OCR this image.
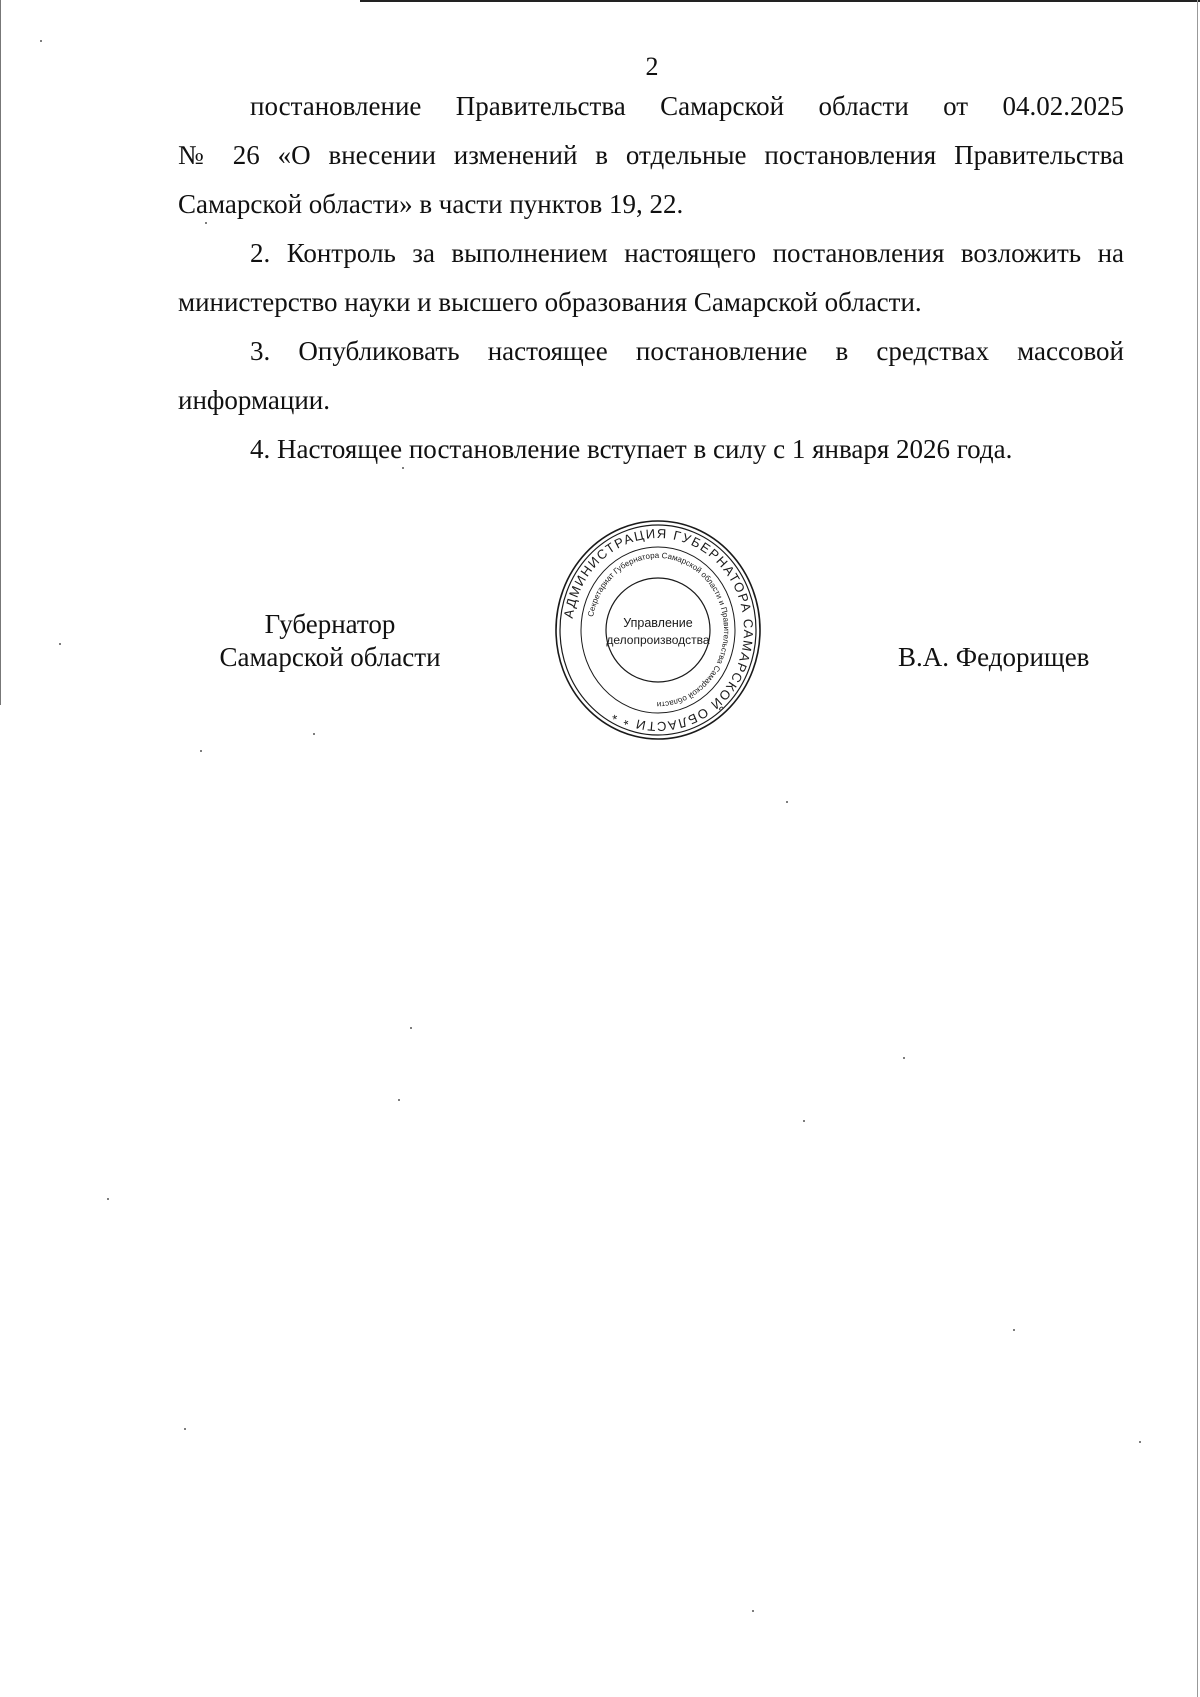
2
постановление Правительства Самарской области от 04.02.2025
№ 26 «О внесении изменений в отдельные постановления Правительства
Самарской области» в части пунктов 19, 22.
2. Контроль за выполнением настоящего постановления возложить на
министерство науки и высшего образования Самарской области.
3. Опубликовать настоящее постановление в средствах массовой
информации.
4. Настоящее постановление вступает в силу с 1 января 2026 года.
Губернатор
Самарской области	В.А. Федорищев
АДМИНИСТРАЦИЯ ГУБЕРНАТОРА САМАРСКОЙ ОБЛАСТИ * *
Секретариат Губернатора Самарской области и Правительства Самарской области
Управление
делопроизводства
